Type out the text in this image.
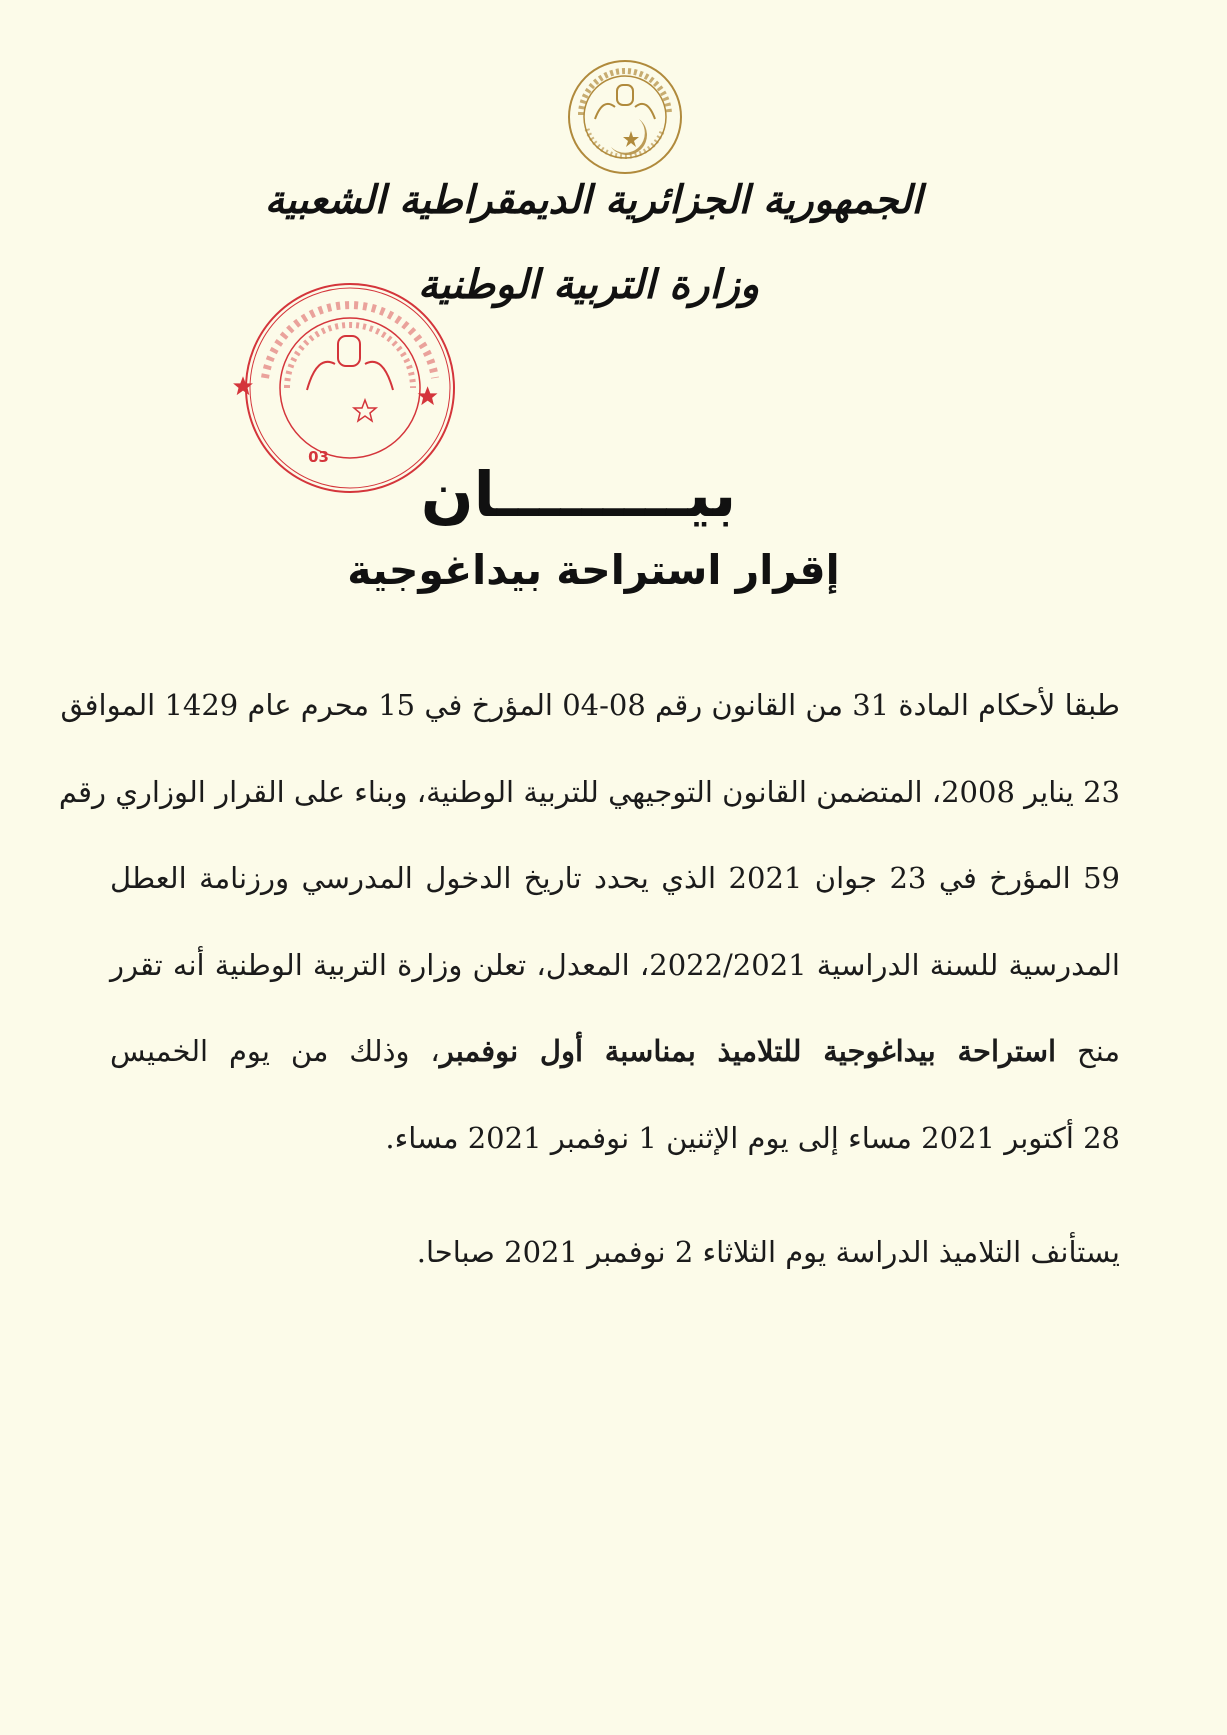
الجمهورية الجزائرية الديمقراطية الشعبية
وزارة التربية الوطنية
03
بيـــــــــان
إقرار استراحة بيداغوجية
طبقا لأحكام المادة 31 من القانون رقم 08-04 المؤرخ في 15 محرم عام 1429 الموافق
23 يناير 2008، المتضمن القانون التوجيهي للتربية الوطنية، وبناء على القرار الوزاري رقم
59 المؤرخ في 23 جوان 2021 الذي يحدد تاريخ الدخول المدرسي ورزنامة العطل
المدرسية للسنة الدراسية 2022/2021، المعدل، تعلن وزارة التربية الوطنية أنه تقرر
منح استراحة بيداغوجية للتلاميذ بمناسبة أول نوفمبر، وذلك من يوم الخميس
28 أكتوبر 2021 مساء إلى يوم الإثنين 1 نوفمبر 2021 مساء.
يستأنف التلاميذ الدراسة يوم الثلاثاء 2 نوفمبر 2021 صباحا.
